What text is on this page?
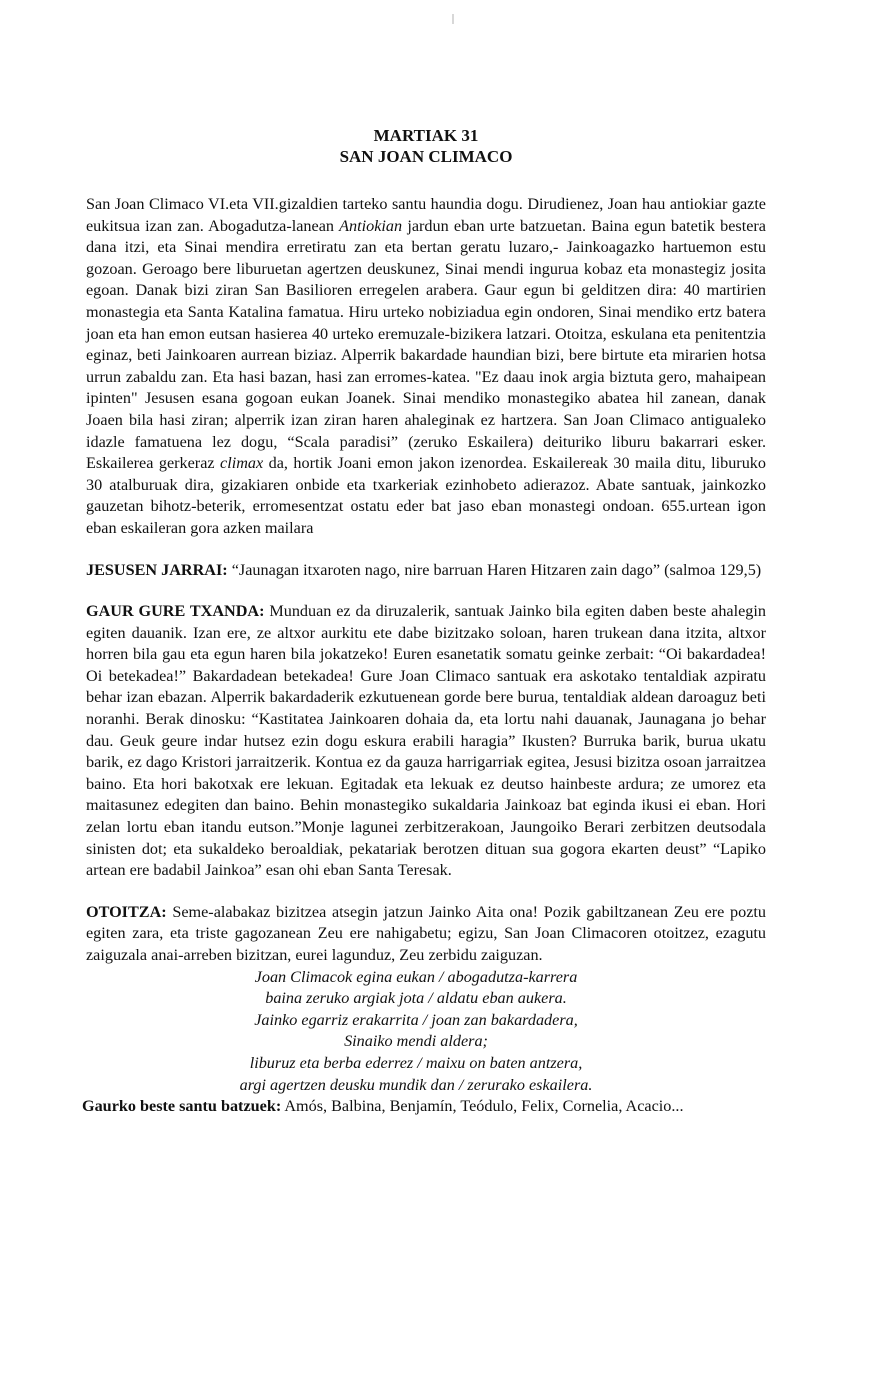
MARTIAK 31
SAN JOAN CLIMACO

San Joan Climaco VI.eta VII.gizaldien tarteko santu haundia dogu. Dirudienez, Joan hau antiokiar gazte eukitsua izan zan. Abogadutza-lanean Antiokian jardun eban urte batzuetan. Baina egun batetik bestera dana itzi, eta Sinai mendira erretiratu zan eta bertan geratu luzaro,- Jainkoagazko hartuemon estu gozoan. Geroago bere liburuetan agertzen deuskunez, Sinai mendi ingurua kobaz eta monastegiz josita egoan. Danak bizi ziran San Basilioren erregelen arabera. Gaur egun bi gelditzen dira: 40 martirien monastegia eta Santa Katalina famatua. Hiru urteko nobiziadua egin ondoren, Sinai mendiko ertz batera joan eta han emon eutsan hasierea 40 urteko eremuzale-bizikera latzari. Otoitza, eskulana eta penitentzia eginaz, beti Jainkoaren aurrean biziaz. Alperrik bakardade haundian bizi, bere birtute eta mirarien hotsa urrun zabaldu zan. Eta hasi bazan, hasi zan erromes-katea. "Ez daau inok argia biztuta gero, mahaipean ipinten" Jesusen esana gogoan eukan Joanek. Sinai mendiko monastegiko abatea hil zanean, danak Joaen bila hasi ziran; alperrik izan ziran haren ahaleginak ez hartzera. San Joan Climaco antigualeko idazle famatuena lez dogu, “Scala paradisi” (zeruko Eskailera) deituriko liburu bakarrari esker. Eskailerea gerkeraz climax da, hortik Joani emon jakon izenordea. Eskailereak 30 maila ditu, liburuko 30 atalburuak dira, gizakiaren onbide eta txarkeriak ezinhobeto adierazoz. Abate santuak, jainkozko gauzetan bihotz-beterik, erromesentzat ostatu eder bat jaso eban monastegi ondoan. 655.urtean igon eban eskaileran gora azken mailara

JESUSEN JARRAI: “Jaunagan itxaroten nago, nire barruan Haren Hitzaren zain dago” (salmoa 129,5)

GAUR GURE TXANDA: Munduan ez da diruzalerik, santuak Jainko bila egiten daben beste ahalegin egiten dauanik. Izan ere, ze altxor aurkitu ete dabe bizitzako soloan, haren trukean dana itzita, altxor horren bila gau eta egun haren bila jokatzeko! Euren esanetatik somatu geinke zerbait: “Oi bakardadea! Oi betekadea!” Bakardadean betekadea! Gure Joan Climaco santuak era askotako tentaldiak azpiratu behar izan ebazan. Alperrik bakardaderik ezkutuenean gorde bere burua, tentaldiak aldean daroaguz beti noranhi. Berak dinosku: “Kastitatea Jainkoaren dohaia da, eta lortu nahi dauanak, Jaunagana jo behar dau. Geuk geure indar hutsez ezin dogu eskura erabili haragia” Ikusten? Burruka barik, burua ukatu barik, ez dago Kristori jarraitzerik. Kontua ez da gauza harrigarriak egitea, Jesusi bizitza osoan jarraitzea baino. Eta hori bakotxak ere lekuan. Egitadak eta lekuak ez deutso hainbeste ardura; ze umorez eta maitasunez edegiten dan baino. Behin monastegiko sukaldaria Jainkoaz bat eginda ikusi ei eban. Hori zelan lortu eban itandu eutson.”Monje lagunei zerbitzerakoan, Jaungoiko Berari zerbitzen deutsodala sinisten dot; eta sukaldeko beroaldiak, pekatariak berotzen dituan sua gogora ekarten deust” “Lapiko artean ere badabil Jainkoa” esan ohi eban Santa Teresak.

OTOITZA: Seme-alabakaz bizitzea atsegin jatzun Jainko Aita ona! Pozik gabiltzanean Zeu ere poztu egiten zara, eta triste gagozanean Zeu ere nahigabetu; egizu, San Joan Climacoren otoitzez, ezagutu zaiguzala anai-arreben bizitzan, eurei lagunduz, Zeu zerbidu zaiguzan.

Joan Climacok egina eukan / abogadutza-karrera
baina zeruko argiak jota / aldatu eban aukera.
Jainko egarriz erakarrita / joan zan bakardadera,
Sinaiko mendi aldera;
liburuz eta berba ederrez / maixu on baten antzera,
argi agertzen deusku mundik dan / zerurako eskailera.

Gaurko beste santu batzuek: Amós, Balbina, Benjamín, Teódulo, Felix, Cornelia, Acacio...
